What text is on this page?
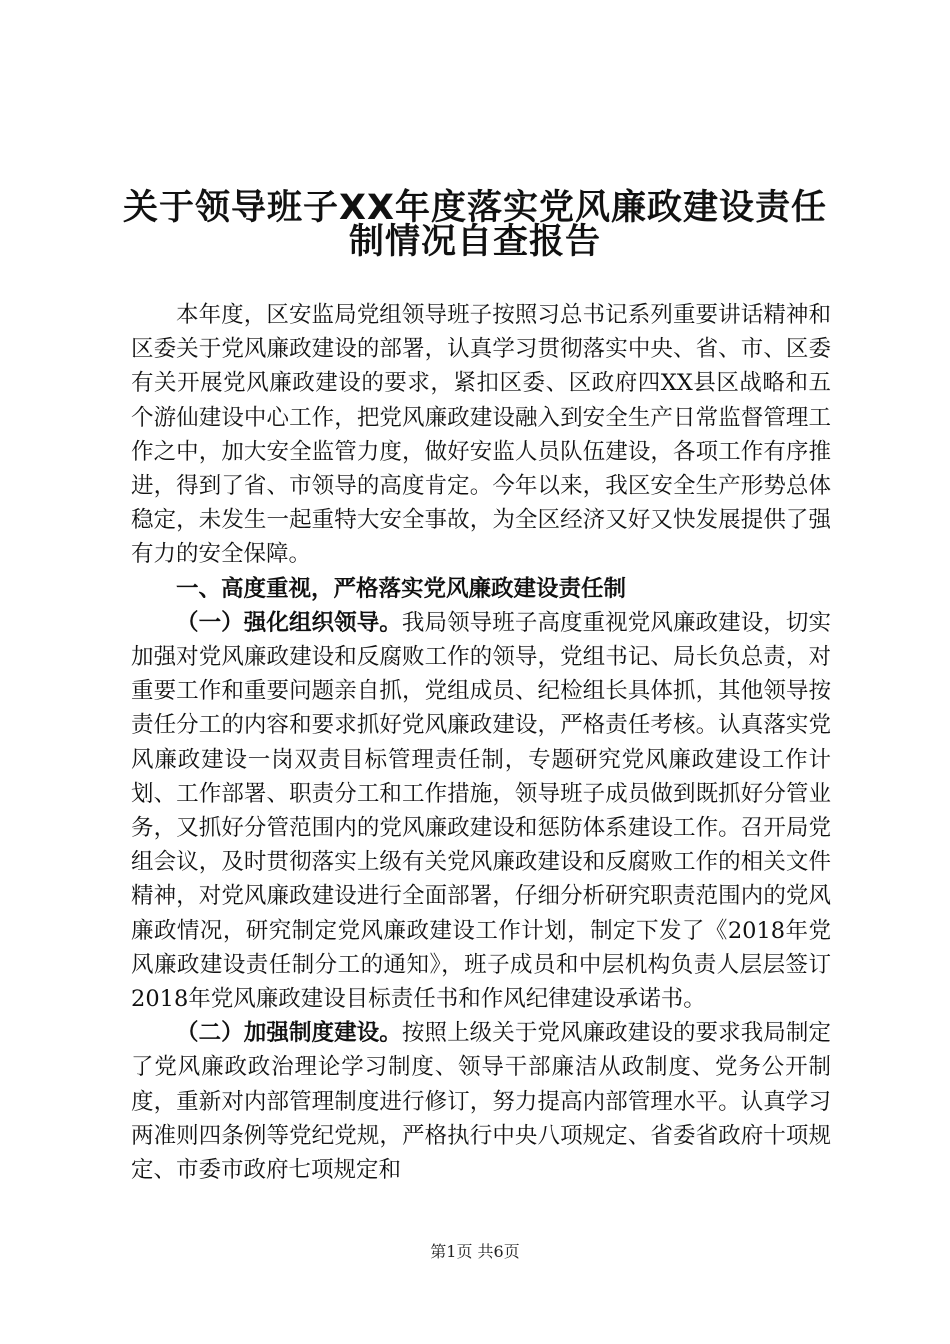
关于领导班子XX年度落实党风廉政建设责任
制情况自查报告

本年度，区安监局党组领导班子按照习总书记系列重要讲话精神和区委关于党风廉政建设的部署，认真学习贯彻落实中央、省、市、区委有关开展党风廉政建设的要求，紧扣区委、区政府四XX县区战略和五个游仙建设中心工作，把党风廉政建设融入到安全生产日常监督管理工作之中，加大安全监管力度，做好安监人员队伍建设，各项工作有序推进，得到了省、市领导的高度肯定。今年以来，我区安全生产形势总体稳定，未发生一起重特大安全事故，为全区经济又好又快发展提供了强有力的安全保障。

一、高度重视，严格落实党风廉政建设责任制

（一）强化组织领导。我局领导班子高度重视党风廉政建设，切实加强对党风廉政建设和反腐败工作的领导，党组书记、局长负总责，对重要工作和重要问题亲自抓，党组成员、纪检组长具体抓，其他领导按责任分工的内容和要求抓好党风廉政建设，严格责任考核。认真落实党风廉政建设一岗双责目标管理责任制，专题研究党风廉政建设工作计划、工作部署、职责分工和工作措施，领导班子成员做到既抓好分管业务，又抓好分管范围内的党风廉政建设和惩防体系建设工作。召开局党组会议，及时贯彻落实上级有关党风廉政建设和反腐败工作的相关文件精神，对党风廉政建设进行全面部署，仔细分析研究职责范围内的党风廉政情况，研究制定党风廉政建设工作计划，制定下发了《2018年党风廉政建设责任制分工的通知》，班子成员和中层机构负责人层层签订2018年党风廉政建设目标责任书和作风纪律建设承诺书。

（二）加强制度建设。按照上级关于党风廉政建设的要求我局制定了党风廉政政治理论学习制度、领导干部廉洁从政制度、党务公开制度，重新对内部管理制度进行修订，努力提高内部管理水平。认真学习两准则四条例等党纪党规，严格执行中央八项规定、省委省政府十项规定、市委市政府七项规定和

第1页 共6页
